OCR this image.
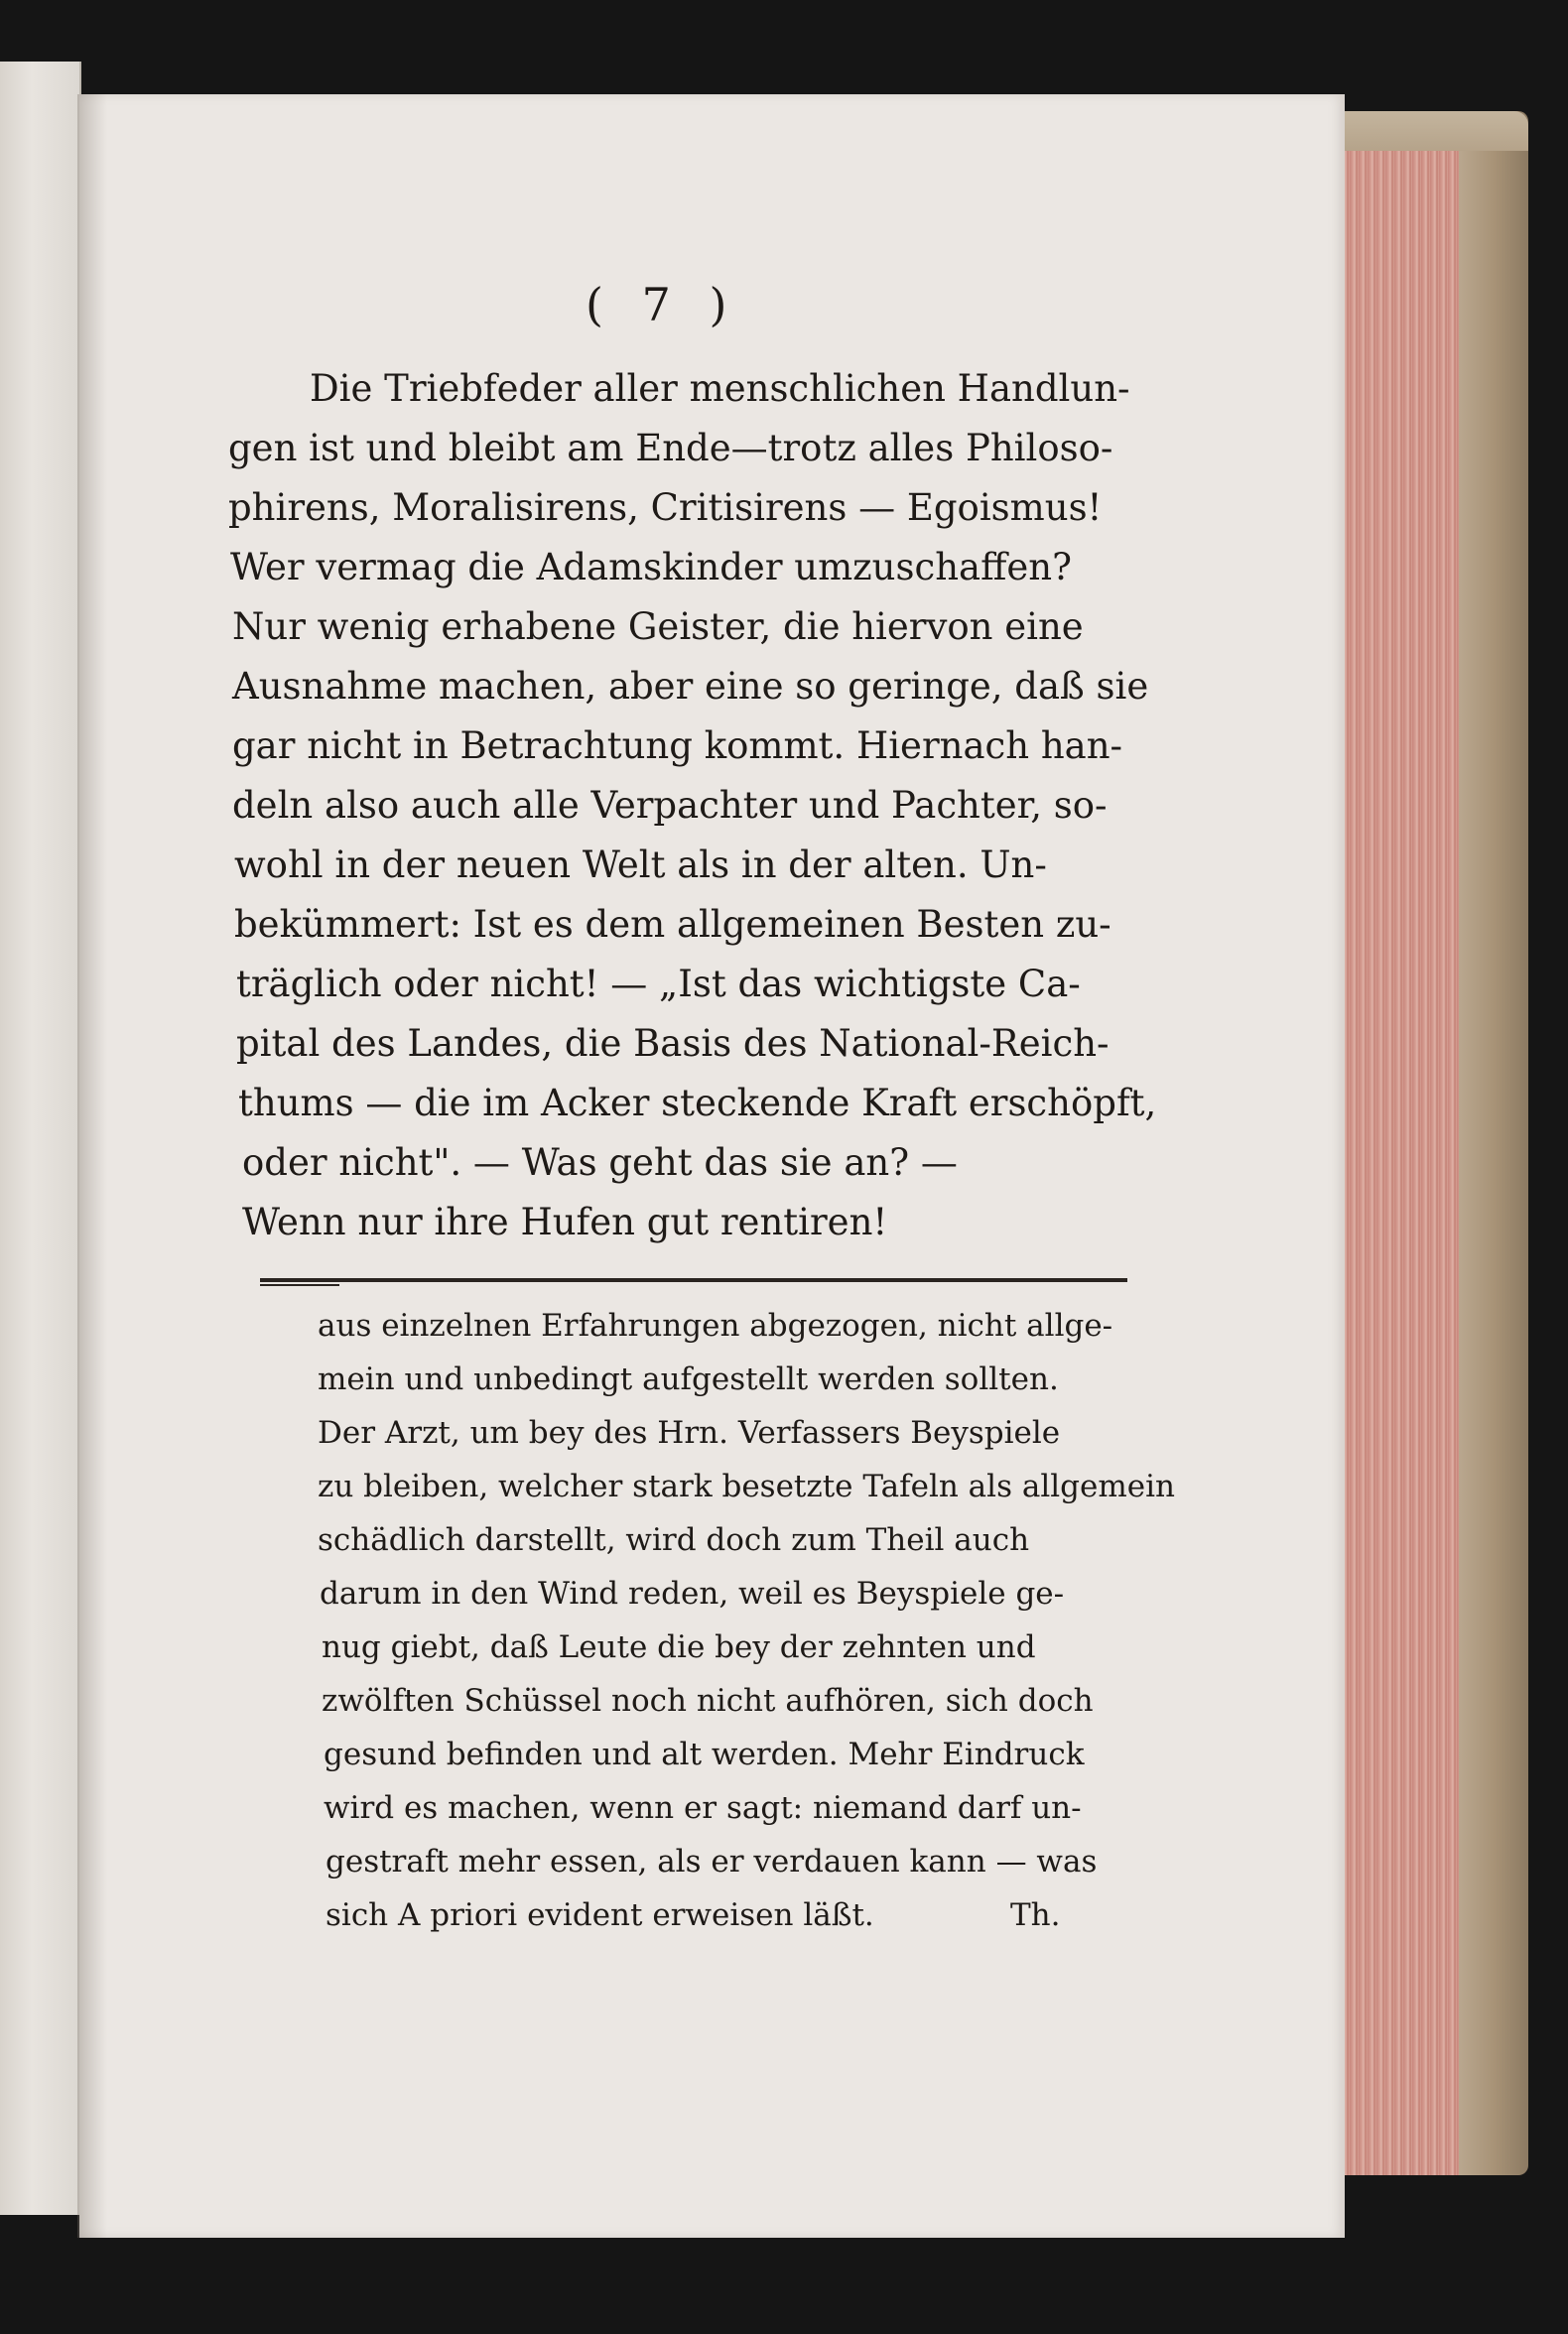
( 7 )
Die Triebfeder aller menschlichen Handlun-
gen ist und bleibt am Ende—trotz alles Philoso-
phirens, Moralisirens, Critisirens — Egoismus!
Wer vermag die Adamskinder umzuschaffen?
Nur wenig erhabene Geister, die hiervon eine
Ausnahme machen, aber eine so geringe, daß sie
gar nicht in Betrachtung kommt. Hiernach han-
deln also auch alle Verpachter und Pachter, so-
wohl in der neuen Welt als in der alten. Un-
bekümmert: Ist es dem allgemeinen Besten zu-
träglich oder nicht! — „Ist das wichtigste Ca-
pital des Landes, die Basis des National-Reich-
thums — die im Acker steckende Kraft erschöpft,
oder nicht". — Was geht das sie an? —
Wenn nur ihre Hufen gut rentiren!
aus einzelnen Erfahrungen abgezogen, nicht allge-
mein und unbedingt aufgestellt werden sollten.
Der Arzt, um bey des Hrn. Verfassers Beyspiele
zu bleiben, welcher stark besetzte Tafeln als allgemein
schädlich darstellt, wird doch zum Theil auch
darum in den Wind reden, weil es Beyspiele ge-
nug giebt, daß Leute die bey der zehnten und
zwölften Schüssel noch nicht aufhören, sich doch
gesund befinden und alt werden. Mehr Eindruck
wird es machen, wenn er sagt: niemand darf un-
gestraft mehr essen, als er verdauen kann — was
sich A priori evident erweisen läßt.	Th.
